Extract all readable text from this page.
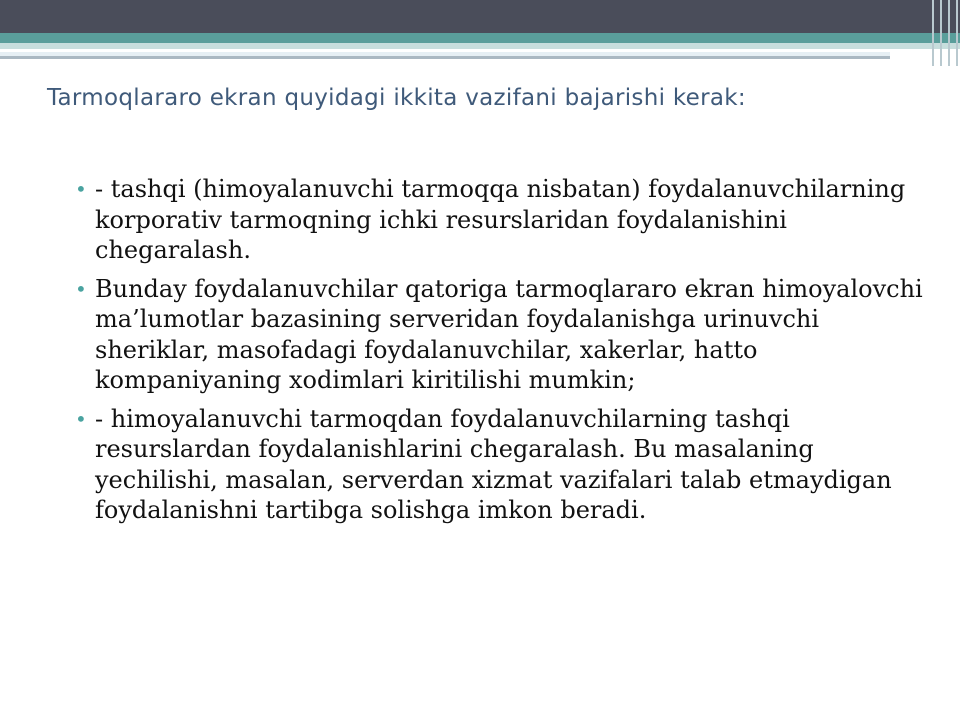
Tarmoqlararo ekran quyidagi ikkita vazifani bajarishi kerak:
• - tashqi (himoyalanuvchi tarmoqqa nisbatan) foydalanuvchilarning korporativ tarmoqning ichki resurslaridan foydalanishini chegaralash.
• Bunday foydalanuvchilar qatoriga tarmoqlararo ekran himoyalovchi ma’lumotlar bazasining serveridan foydalanishga urinuvchi sheriklar, masofadagi foydalanuvchilar, xakerlar, hatto kompaniyaning xodimlari kiritilishi mumkin;
• - himoyalanuvchi tarmoqdan foydalanuvchilarning tashqi resurslardan foydalanishlarini chegaralash. Bu masalaning yechilishi, masalan, serverdan xizmat vazifalari talab etmaydigan foydalanishni tartibga solishga imkon beradi.
